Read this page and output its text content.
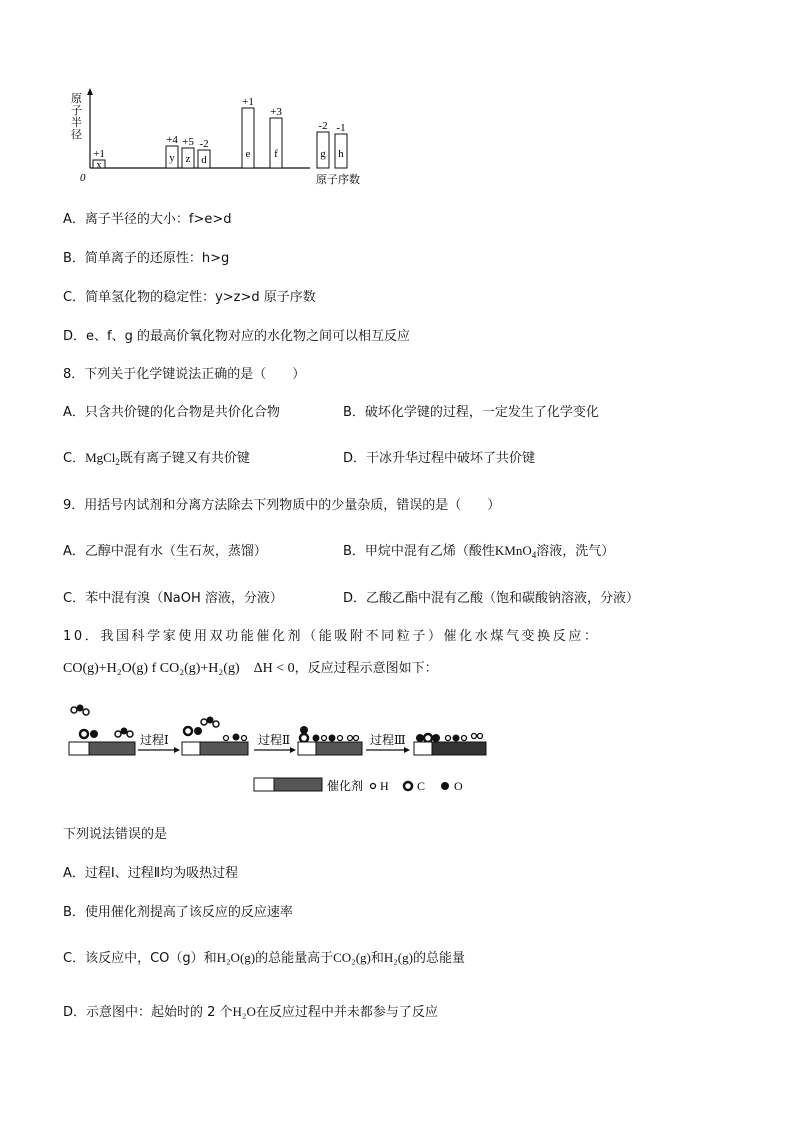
原
子
半
径
0	原子序数
x
+1	y
+4
z
+5
d
-2
e
+1
f
+3
g
-2
h
-1
A．离子半径的大小：f>e>d
B．简单离子的还原性：h>g
C．简单氢化物的稳定性：y>z>d 原子序数
D．e、f、g 的最高价氧化物对应的水化物之间可以相互反应
8．下列关于化学键说法正确的是（　　）
A．只含共价键的化合物是共价化合物	B．破坏化学键的过程，一定发生了化学变化
C．MgCl$_2$既有离子键又有共价键	D．干冰升华过程中破坏了共价键
9．用括号内试剂和分离方法除去下列物质中的少量杂质，错误的是（　　）
A．乙醇中混有水（生石灰，蒸馏）	B．甲烷中混有乙烯（酸性KMnO$_4$溶液，洗气）
C．苯中混有溴（NaOH 溶液，分液）	D．乙酸乙酯中混有乙酸（饱和碳酸钠溶液，分液）
10．我国科学家使用双功能催化剂（能吸附不同粒子）催化水煤气变换反应：
CO(g)+H₂O(g) f CO₂(g)+H₂(g)　ΔH < 0，反应过程示意图如下：
过程Ⅰ	过程Ⅱ	过程Ⅲ
催化剂 H C O
下列说法错误的是
A．过程Ⅰ、过程Ⅱ均为吸热过程
B．使用催化剂提高了该反应的反应速率
C．该反应中，CO（g）和H₂O(g)的总能量高于CO₂(g)和H₂(g)的总能量
D．示意图中：起始时的 2 个H₂O在反应过程中并未都参与了反应
